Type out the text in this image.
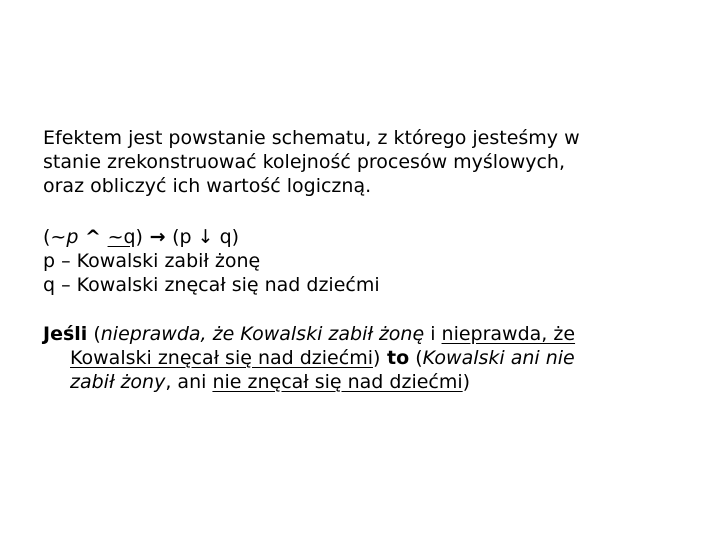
Efektem jest powstanie schematu, z którego jesteśmy w
stanie zrekonstruować kolejność procesów myślowych,
oraz obliczyć ich wartość logiczną.

(~p ^ ~q) → (p ↓ q)
p – Kowalski zabił żonę
q – Kowalski znęcał się nad dziećmi

Jeśli (nieprawda, że Kowalski zabił żonę i nieprawda, że
Kowalski znęcał się nad dziećmi) to (Kowalski ani nie
zabił żony, ani nie znęcał się nad dziećmi)
